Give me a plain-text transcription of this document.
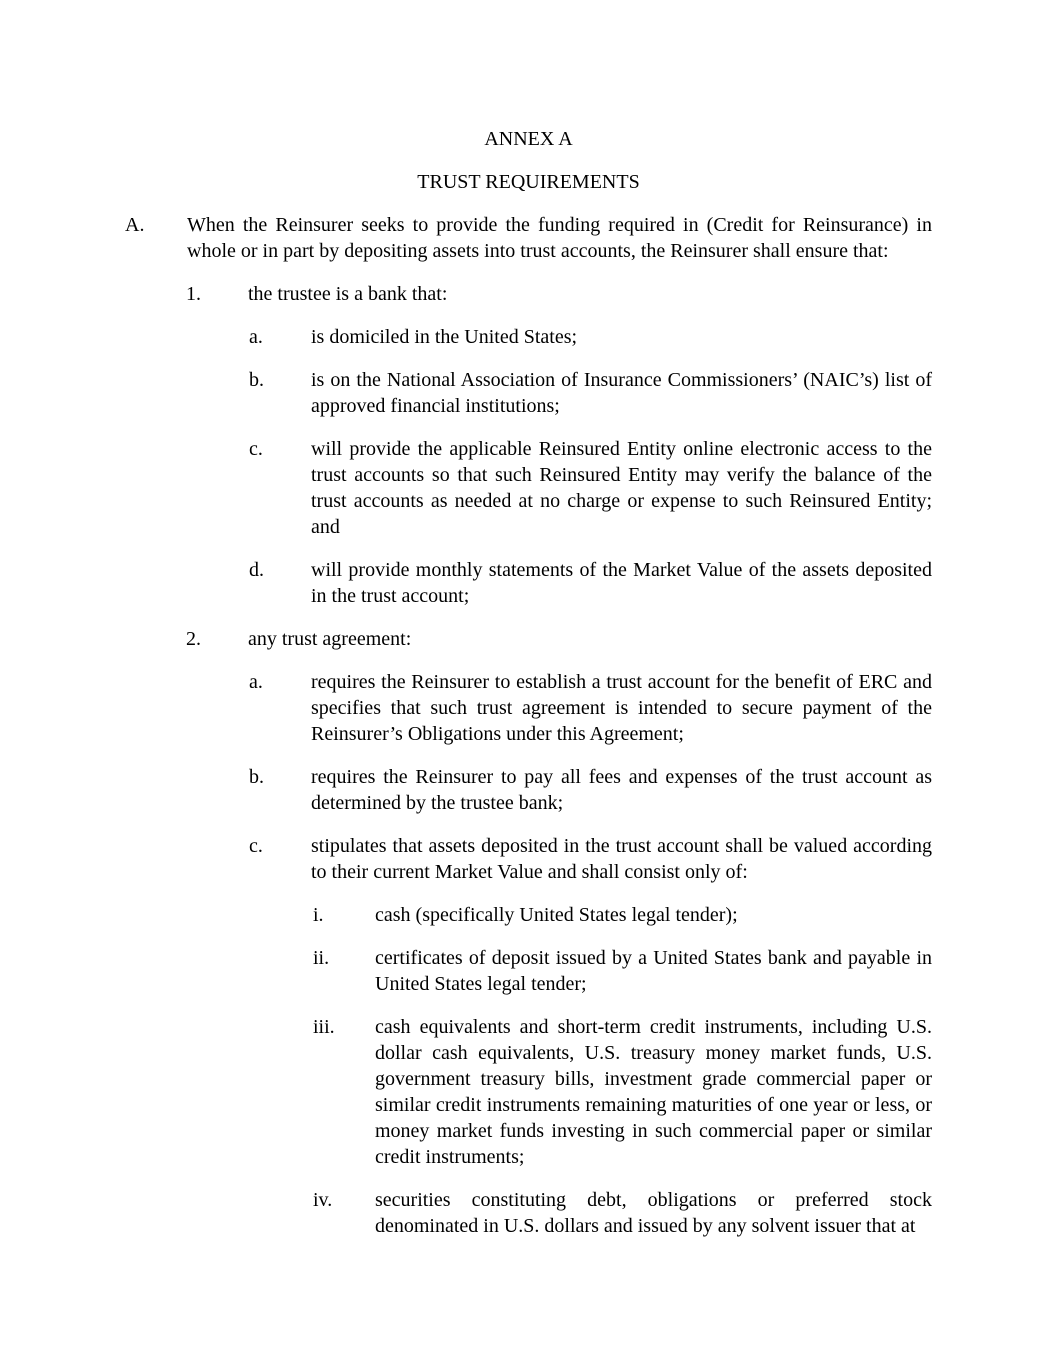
ANNEX A
TRUST REQUIREMENTS
A.	When the Reinsurer seeks to provide the funding required in (Credit for Reinsurance) in whole or in part by depositing assets into trust accounts, the Reinsurer shall ensure that:
1.	the trustee is a bank that:
a.	is domiciled in the United States;
b.	is on the National Association of Insurance Commissioners’ (NAIC’s) list of approved financial institutions;
c.	will provide the applicable Reinsured Entity online electronic access to the trust accounts so that such Reinsured Entity may verify the balance of the trust accounts as needed at no charge or expense to such Reinsured Entity; and
d.	will provide monthly statements of the Market Value of the assets deposited in the trust account;
2.	any trust agreement:
a.	requires the Reinsurer to establish a trust account for the benefit of ERC and specifies that such trust agreement is intended to secure payment of the Reinsurer’s Obligations under this Agreement;
b.	requires the Reinsurer to pay all fees and expenses of the trust account as determined by the trustee bank;
c.	stipulates that assets deposited in the trust account shall be valued according to their current Market Value and shall consist only of:
i.	cash (specifically United States legal tender);
ii.	certificates of deposit issued by a United States bank and payable in United States legal tender;
iii.	cash equivalents and short-term credit instruments, including U.S. dollar cash equivalents, U.S. treasury money market funds, U.S. government treasury bills, investment grade commercial paper or similar credit instruments remaining maturities of one year or less, or money market funds investing in such commercial paper or similar credit instruments;
iv.	securities constituting debt, obligations or preferred stock denominated in U.S. dollars and issued by any solvent issuer that at
